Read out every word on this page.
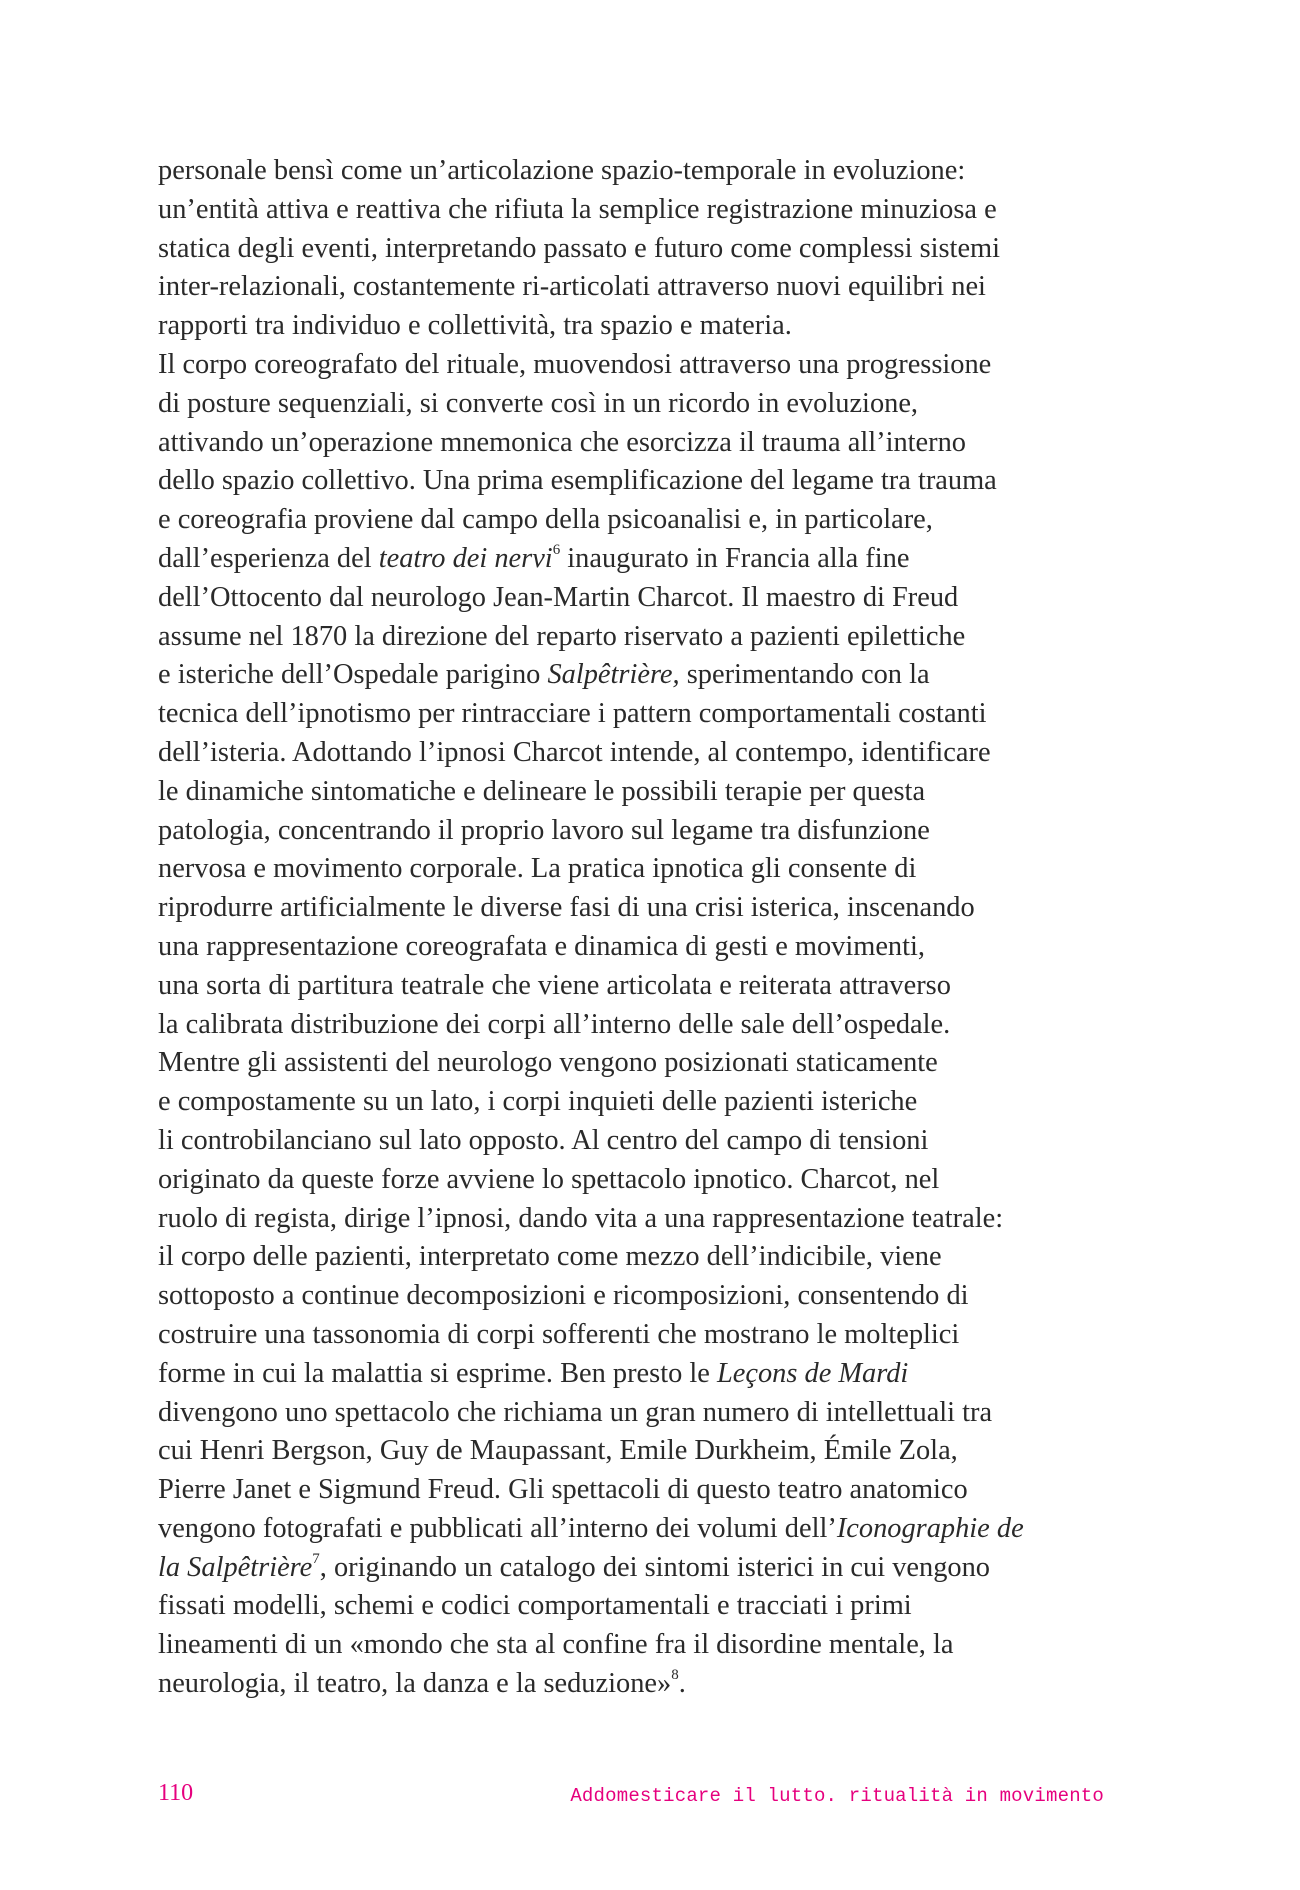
personale bensì come un’articolazione spazio-temporale in evoluzione:
un’entità attiva e reattiva che rifiuta la semplice registrazione minuziosa e
statica degli eventi, interpretando passato e futuro come complessi sistemi
inter-relazionali, costantemente ri-articolati attraverso nuovi equilibri nei
rapporti tra individuo e collettività, tra spazio e materia.
Il corpo coreografato del rituale, muovendosi attraverso una progressione
di posture sequenziali, si converte così in un ricordo in evoluzione,
attivando un’operazione mnemonica che esorcizza il trauma all’interno
dello spazio collettivo. Una prima esemplificazione del legame tra trauma
e coreografia proviene dal campo della psicoanalisi e, in particolare,
dall’esperienza del teatro dei nervi$^6$ inaugurato in Francia alla fine
dell’Ottocento dal neurologo Jean-Martin Charcot. Il maestro di Freud
assume nel 1870 la direzione del reparto riservato a pazienti epilettiche
e isteriche dell’Ospedale parigino Salpêtrière, sperimentando con la
tecnica dell’ipnotismo per rintracciare i pattern comportamentali costanti
dell’isteria. Adottando l’ipnosi Charcot intende, al contempo, identificare
le dinamiche sintomatiche e delineare le possibili terapie per questa
patologia, concentrando il proprio lavoro sul legame tra disfunzione
nervosa e movimento corporale. La pratica ipnotica gli consente di
riprodurre artificialmente le diverse fasi di una crisi isterica, inscenando
una rappresentazione coreografata e dinamica di gesti e movimenti,
una sorta di partitura teatrale che viene articolata e reiterata attraverso
la calibrata distribuzione dei corpi all’interno delle sale dell’ospedale.
Mentre gli assistenti del neurologo vengono posizionati staticamente
e compostamente su un lato, i corpi inquieti delle pazienti isteriche
li controbilanciano sul lato opposto. Al centro del campo di tensioni
originato da queste forze avviene lo spettacolo ipnotico. Charcot, nel
ruolo di regista, dirige l’ipnosi, dando vita a una rappresentazione teatrale:
il corpo delle pazienti, interpretato come mezzo dell’indicibile, viene
sottoposto a continue decomposizioni e ricomposizioni, consentendo di
costruire una tassonomia di corpi sofferenti che mostrano le molteplici
forme in cui la malattia si esprime. Ben presto le Leçons de Mardi
divengono uno spettacolo che richiama un gran numero di intellettuali tra
cui Henri Bergson, Guy de Maupassant, Emile Durkheim, Émile Zola,
Pierre Janet e Sigmund Freud. Gli spettacoli di questo teatro anatomico
vengono fotografati e pubblicati all’interno dei volumi dell’Iconographie de
la Salpêtrière$^7$, originando un catalogo dei sintomi isterici in cui vengono
fissati modelli, schemi e codici comportamentali e tracciati i primi
lineamenti di un «mondo che sta al confine fra il disordine mentale, la
neurologia, il teatro, la danza e la seduzione»$^8$.
110	Addomesticare il lutto. ritualità in movimento
